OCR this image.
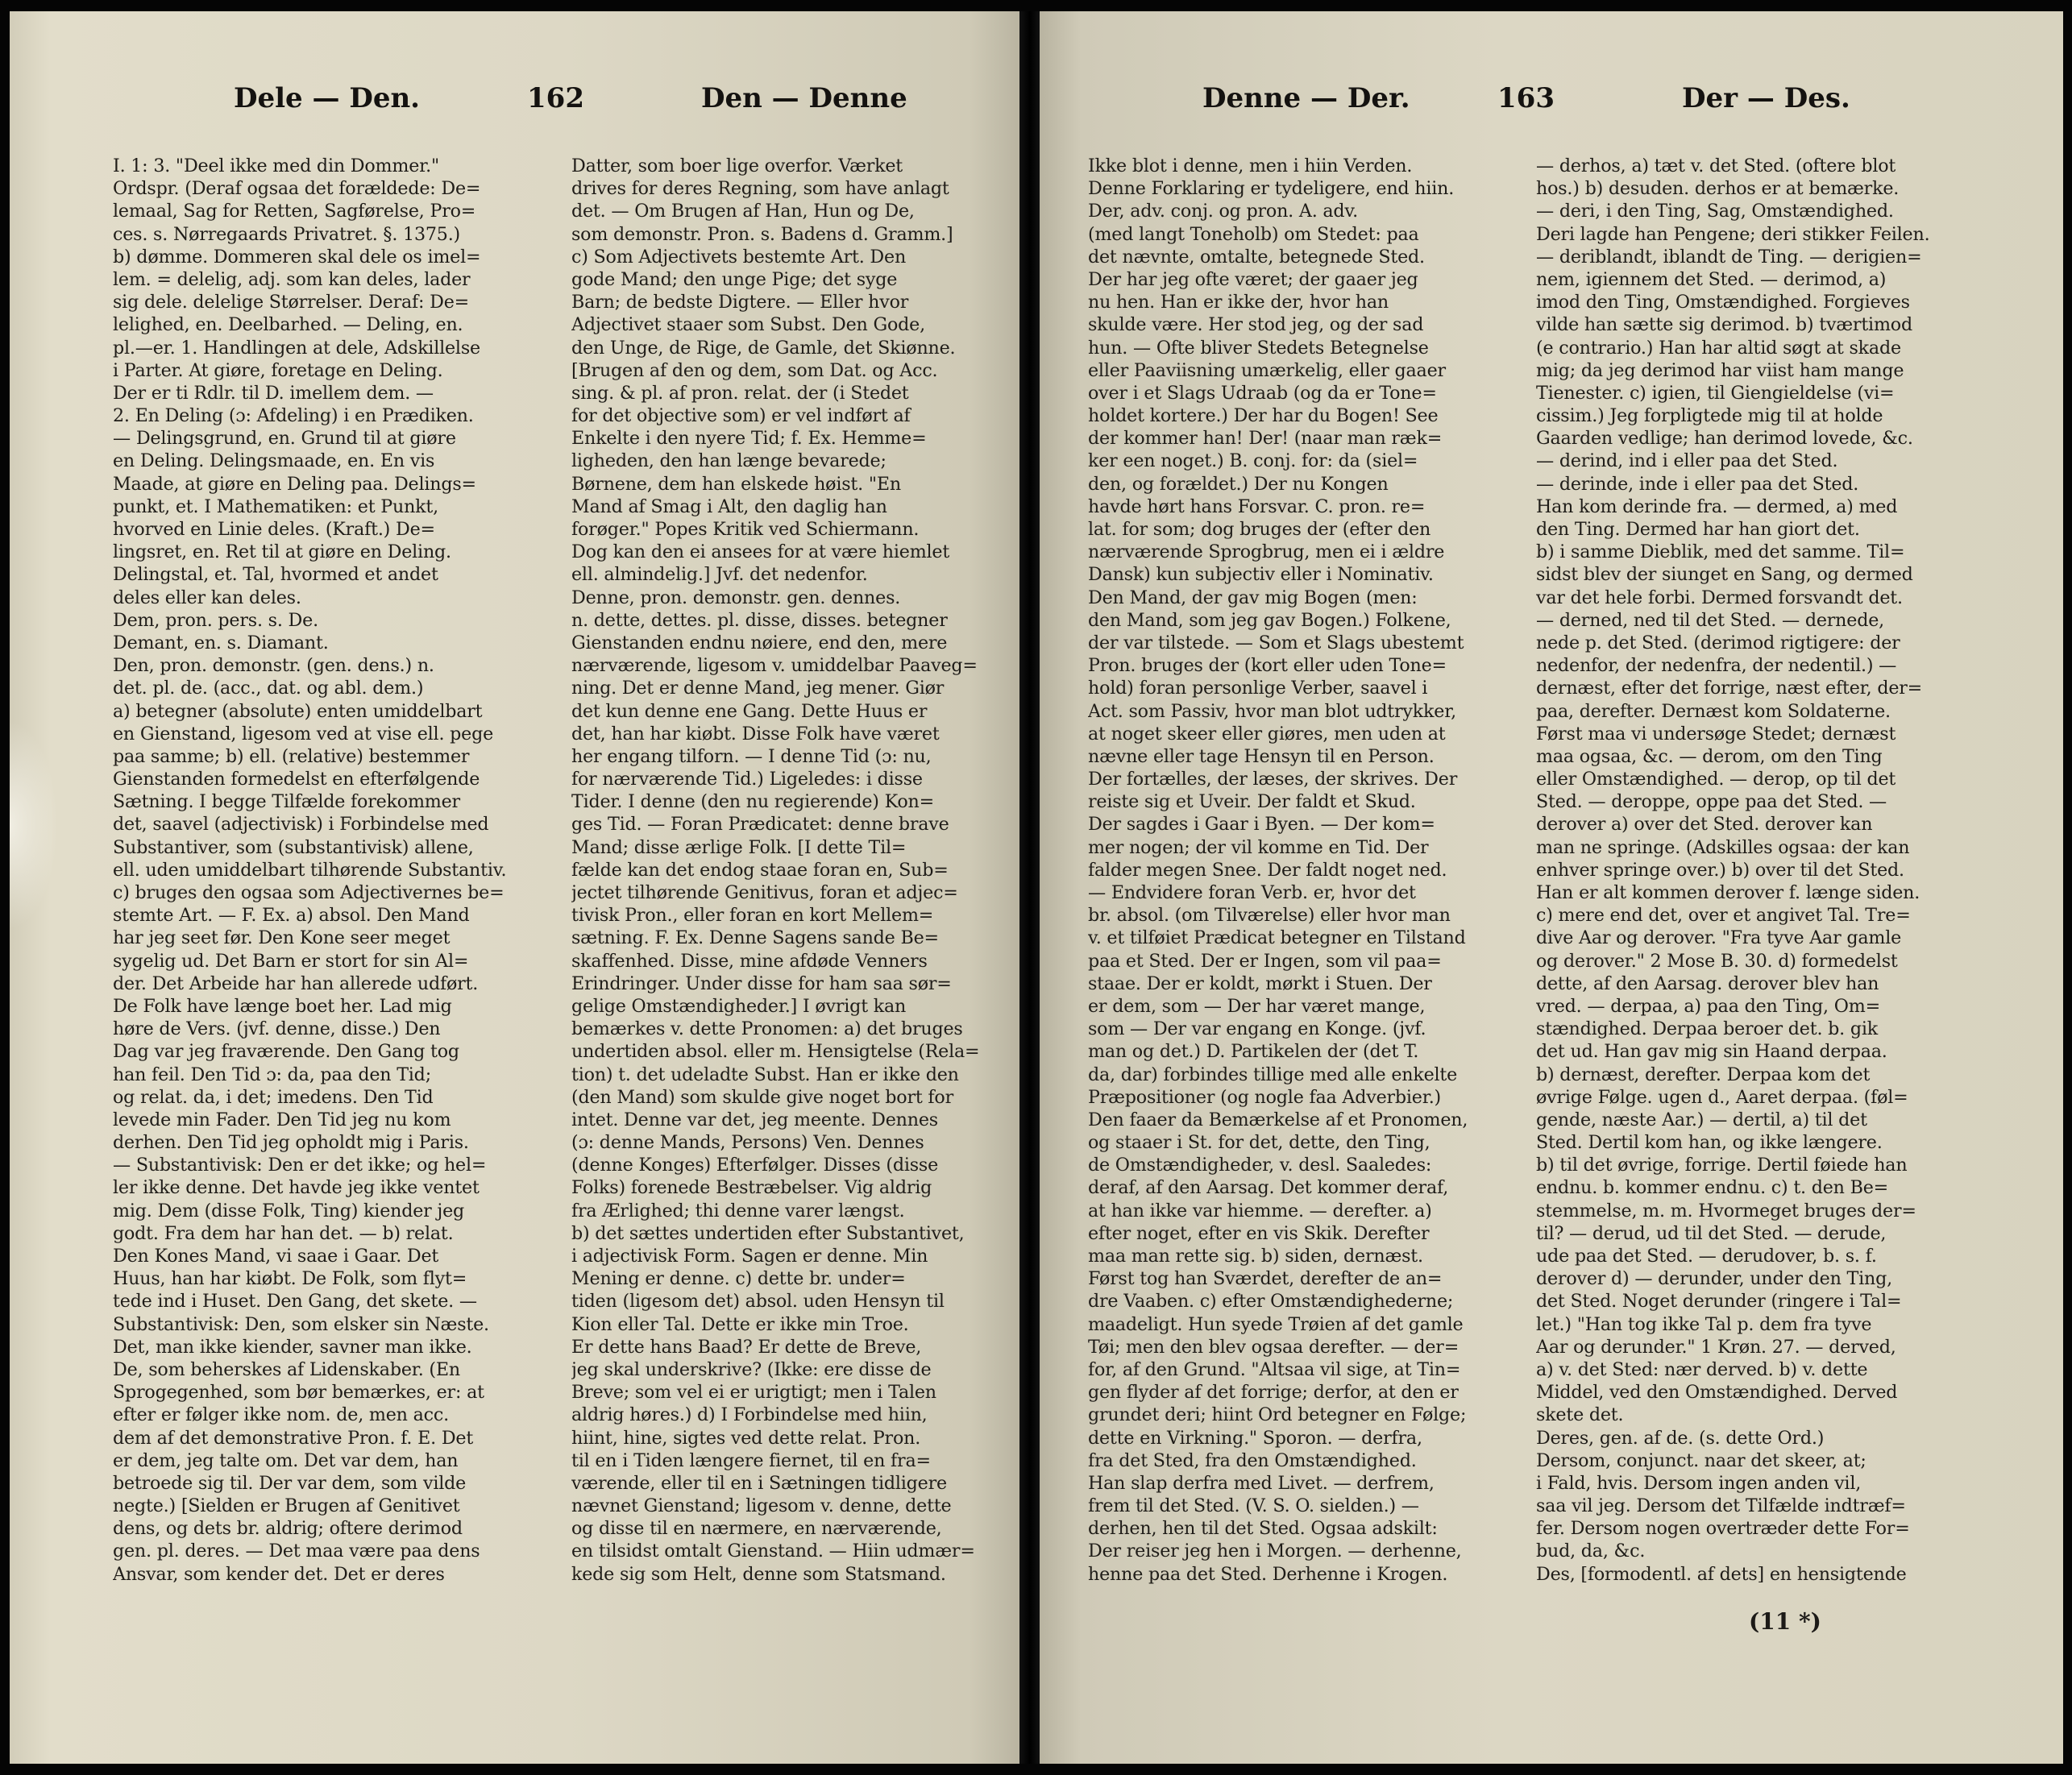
Dele — Den.	162	Den — Denne
I. 1: 3. "Deel ikke med din Dommer."
Ordspr. (Deraf ogsaa det forældede: De=
lemaal, Sag for Retten, Sagførelse, Pro=
ces. s. Nørregaards Privatret. §. 1375.)
b) dømme. Dommeren skal dele os imel=
lem. = delelig, adj. som kan deles, lader
sig dele. delelige Størrelser. Deraf: De=
lelighed, en. Deelbarhed. — Deling, en.
pl.—er. 1. Handlingen at dele, Adskillelse
i Parter. At giøre, foretage en Deling.
Der er ti Rdlr. til D. imellem dem. —
2. En Deling (ɔ: Afdeling) i en Prædiken.
— Delingsgrund, en. Grund til at giøre
en Deling. Delingsmaade, en. En vis
Maade, at giøre en Deling paa. Delings=
punkt, et. I Mathematiken: et Punkt,
hvorved en Linie deles. (Kraft.) De=
lingsret, en. Ret til at giøre en Deling.
Delingstal, et. Tal, hvormed et andet
deles eller kan deles.
Dem, pron. pers. s. De.
Demant, en. s. Diamant.
Den, pron. demonstr. (gen. dens.) n.
det. pl. de. (acc., dat. og abl. dem.)
a) betegner (absolute) enten umiddelbart
en Gienstand, ligesom ved at vise ell. pege
paa samme; b) ell. (relative) bestemmer
Gienstanden formedelst en efterfølgende
Sætning. I begge Tilfælde forekommer
det, saavel (adjectivisk) i Forbindelse med
Substantiver, som (substantivisk) allene,
ell. uden umiddelbart tilhørende Substantiv.
c) bruges den ogsaa som Adjectivernes be=
stemte Art. — F. Ex. a) absol. Den Mand
har jeg seet før. Den Kone seer meget
sygelig ud. Det Barn er stort for sin Al=
der. Det Arbeide har han allerede udført.
De Folk have længe boet her. Lad mig
høre de Vers. (jvf. denne, disse.) Den
Dag var jeg fraværende. Den Gang tog
han feil. Den Tid ɔ: da, paa den Tid;
og relat. da, i det; imedens. Den Tid
levede min Fader. Den Tid jeg nu kom
derhen. Den Tid jeg opholdt mig i Paris.
— Substantivisk: Den er det ikke; og hel=
ler ikke denne. Det havde jeg ikke ventet
mig. Dem (disse Folk, Ting) kiender jeg
godt. Fra dem har han det. — b) relat.
Den Kones Mand, vi saae i Gaar. Det
Huus, han har kiøbt. De Folk, som flyt=
tede ind i Huset. Den Gang, det skete. —
Substantivisk: Den, som elsker sin Næste.
Det, man ikke kiender, savner man ikke.
De, som beherskes af Lidenskaber. (En
Sprogegenhed, som bør bemærkes, er: at
efter er følger ikke nom. de, men acc.
dem af det demonstrative Pron. f. E. Det
er dem, jeg talte om. Det var dem, han
betroede sig til. Der var dem, som vilde
negte.) [Sielden er Brugen af Genitivet
dens, og dets br. aldrig; oftere derimod
gen. pl. deres. — Det maa være paa dens
Ansvar, som kender det. Det er deres
Datter, som boer lige overfor. Værket
drives for deres Regning, som have anlagt
det. — Om Brugen af Han, Hun og De,
som demonstr. Pron. s. Badens d. Gramm.]
c) Som Adjectivets bestemte Art. Den
gode Mand; den unge Pige; det syge
Barn; de bedste Digtere. — Eller hvor
Adjectivet staaer som Subst. Den Gode,
den Unge, de Rige, de Gamle, det Skiønne.
[Brugen af den og dem, som Dat. og Acc.
sing. & pl. af pron. relat. der (i Stedet
for det objective som) er vel indført af
Enkelte i den nyere Tid; f. Ex. Hemme=
ligheden, den han længe bevarede;
Børnene, dem han elskede høist. "En
Mand af Smag i Alt, den daglig han
forøger." Popes Kritik ved Schiermann.
Dog kan den ei ansees for at være hiemlet
ell. almindelig.] Jvf. det nedenfor.
Denne, pron. demonstr. gen. dennes.
n. dette, dettes. pl. disse, disses. betegner
Gienstanden endnu nøiere, end den, mere
nærværende, ligesom v. umiddelbar Paaveg=
ning. Det er denne Mand, jeg mener. Giør
det kun denne ene Gang. Dette Huus er
det, han har kiøbt. Disse Folk have været
her engang tilforn. — I denne Tid (ɔ: nu,
for nærværende Tid.) Ligeledes: i disse
Tider. I denne (den nu regierende) Kon=
ges Tid. — Foran Prædicatet: denne brave
Mand; disse ærlige Folk. [I dette Til=
fælde kan det endog staae foran en, Sub=
jectet tilhørende Genitivus, foran et adjec=
tivisk Pron., eller foran en kort Mellem=
sætning. F. Ex. Denne Sagens sande Be=
skaffenhed. Disse, mine afdøde Venners
Erindringer. Under disse for ham saa sør=
gelige Omstændigheder.] I øvrigt kan
bemærkes v. dette Pronomen: a) det bruges
undertiden absol. eller m. Hensigtelse (Rela=
tion) t. det udeladte Subst. Han er ikke den
(den Mand) som skulde give noget bort for
intet. Denne var det, jeg meente. Dennes
(ɔ: denne Mands, Persons) Ven. Dennes
(denne Konges) Efterfølger. Disses (disse
Folks) forenede Bestræbelser. Vig aldrig
fra Ærlighed; thi denne varer længst.
b) det sættes undertiden efter Substantivet,
i adjectivisk Form. Sagen er denne. Min
Mening er denne. c) dette br. under=
tiden (ligesom det) absol. uden Hensyn til
Kion eller Tal. Dette er ikke min Troe.
Er dette hans Baad? Er dette de Breve,
jeg skal underskrive? (Ikke: ere disse de
Breve; som vel ei er urigtigt; men i Talen
aldrig høres.) d) I Forbindelse med hiin,
hiint, hine, sigtes ved dette relat. Pron.
til en i Tiden længere fiernet, til en fra=
værende, eller til en i Sætningen tidligere
nævnet Gienstand; ligesom v. denne, dette
og disse til en nærmere, en nærværende,
en tilsidst omtalt Gienstand. — Hiin udmær=
kede sig som Helt, denne som Statsmand.
Denne — Der.	163	Der — Des.
Ikke blot i denne, men i hiin Verden.
Denne Forklaring er tydeligere, end hiin.
Der, adv. conj. og pron. A. adv.
(med langt Toneholb) om Stedet: paa
det nævnte, omtalte, betegnede Sted.
Der har jeg ofte været; der gaaer jeg
nu hen. Han er ikke der, hvor han
skulde være. Her stod jeg, og der sad
hun. — Ofte bliver Stedets Betegnelse
eller Paaviisning umærkelig, eller gaaer
over i et Slags Udraab (og da er Tone=
holdet kortere.) Der har du Bogen! See
der kommer han! Der! (naar man ræk=
ker een noget.) B. conj. for: da (siel=
den, og forældet.) Der nu Kongen
havde hørt hans Forsvar. C. pron. re=
lat. for som; dog bruges der (efter den
nærværende Sprogbrug, men ei i ældre
Dansk) kun subjectiv eller i Nominativ.
Den Mand, der gav mig Bogen (men:
den Mand, som jeg gav Bogen.) Folkene,
der var tilstede. — Som et Slags ubestemt
Pron. bruges der (kort eller uden Tone=
hold) foran personlige Verber, saavel i
Act. som Passiv, hvor man blot udtrykker,
at noget skeer eller giøres, men uden at
nævne eller tage Hensyn til en Person.
Der fortælles, der læses, der skrives. Der
reiste sig et Uveir. Der faldt et Skud.
Der sagdes i Gaar i Byen. — Der kom=
mer nogen; der vil komme en Tid. Der
falder megen Snee. Der faldt noget ned.
— Endvidere foran Verb. er, hvor det
br. absol. (om Tilværelse) eller hvor man
v. et tilføiet Prædicat betegner en Tilstand
paa et Sted. Der er Ingen, som vil paa=
staae. Der er koldt, mørkt i Stuen. Der
er dem, som — Der har været mange,
som — Der var engang en Konge. (jvf.
man og det.) D. Partikelen der (det T.
da, dar) forbindes tillige med alle enkelte
Præpositioner (og nogle faa Adverbier.)
Den faaer da Bemærkelse af et Pronomen,
og staaer i St. for det, dette, den Ting,
de Omstændigheder, v. desl. Saaledes:
deraf, af den Aarsag. Det kommer deraf,
at han ikke var hiemme. — derefter. a)
efter noget, efter en vis Skik. Derefter
maa man rette sig. b) siden, dernæst.
Først tog han Sværdet, derefter de an=
dre Vaaben. c) efter Omstændighederne;
maadeligt. Hun syede Trøien af det gamle
Tøi; men den blev ogsaa derefter. — der=
for, af den Grund. "Altsaa vil sige, at Tin=
gen flyder af det forrige; derfor, at den er
grundet deri; hiint Ord betegner en Følge;
dette en Virkning." Sporon. — derfra,
fra det Sted, fra den Omstændighed.
Han slap derfra med Livet. — derfrem,
frem til det Sted. (V. S. O. sielden.) —
derhen, hen til det Sted. Ogsaa adskilt:
Der reiser jeg hen i Morgen. — derhenne,
henne paa det Sted. Derhenne i Krogen.
— derhos, a) tæt v. det Sted. (oftere blot
hos.) b) desuden. derhos er at bemærke.
— deri, i den Ting, Sag, Omstændighed.
Deri lagde han Pengene; deri stikker Feilen.
— deriblandt, iblandt de Ting. — derigien=
nem, igiennem det Sted. — derimod, a)
imod den Ting, Omstændighed. Forgieves
vilde han sætte sig derimod. b) tværtimod
(e contrario.) Han har altid søgt at skade
mig; da jeg derimod har viist ham mange
Tienester. c) igien, til Giengieldelse (vi=
cissim.) Jeg forpligtede mig til at holde
Gaarden vedlige; han derimod lovede, &c.
— derind, ind i eller paa det Sted.
— derinde, inde i eller paa det Sted.
Han kom derinde fra. — dermed, a) med
den Ting. Dermed har han giort det.
b) i samme Dieblik, med det samme. Til=
sidst blev der siunget en Sang, og dermed
var det hele forbi. Dermed forsvandt det.
— derned, ned til det Sted. — dernede,
nede p. det Sted. (derimod rigtigere: der
nedenfor, der nedenfra, der nedentil.) —
dernæst, efter det forrige, næst efter, der=
paa, derefter. Dernæst kom Soldaterne.
Først maa vi undersøge Stedet; dernæst
maa ogsaa, &c. — derom, om den Ting
eller Omstændighed. — derop, op til det
Sted. — deroppe, oppe paa det Sted. —
derover a) over det Sted. derover kan
man ne springe. (Adskilles ogsaa: der kan
enhver springe over.) b) over til det Sted.
Han er alt kommen derover f. længe siden.
c) mere end det, over et angivet Tal. Tre=
dive Aar og derover. "Fra tyve Aar gamle
og derover." 2 Mose B. 30. d) formedelst
dette, af den Aarsag. derover blev han
vred. — derpaa, a) paa den Ting, Om=
stændighed. Derpaa beroer det. b. gik
det ud. Han gav mig sin Haand derpaa.
b) dernæst, derefter. Derpaa kom det
øvrige Følge. ugen d., Aaret derpaa. (føl=
gende, næste Aar.) — dertil, a) til det
Sted. Dertil kom han, og ikke længere.
b) til det øvrige, forrige. Dertil føiede han
endnu. b. kommer endnu. c) t. den Be=
stemmelse, m. m. Hvormeget bruges der=
til? — derud, ud til det Sted. — derude,
ude paa det Sted. — derudover, b. s. f.
derover d) — derunder, under den Ting,
det Sted. Noget derunder (ringere i Tal=
let.) "Han tog ikke Tal p. dem fra tyve
Aar og derunder." 1 Krøn. 27. — derved,
a) v. det Sted: nær derved. b) v. dette
Middel, ved den Omstændighed. Derved
skete det.
Deres, gen. af de. (s. dette Ord.)
Dersom, conjunct. naar det skeer, at;
i Fald, hvis. Dersom ingen anden vil,
saa vil jeg. Dersom det Tilfælde indtræf=
fer. Dersom nogen overtræder dette For=
bud, da, &c.
Des, [formodentl. af dets] en hensigtende
(11 *)
